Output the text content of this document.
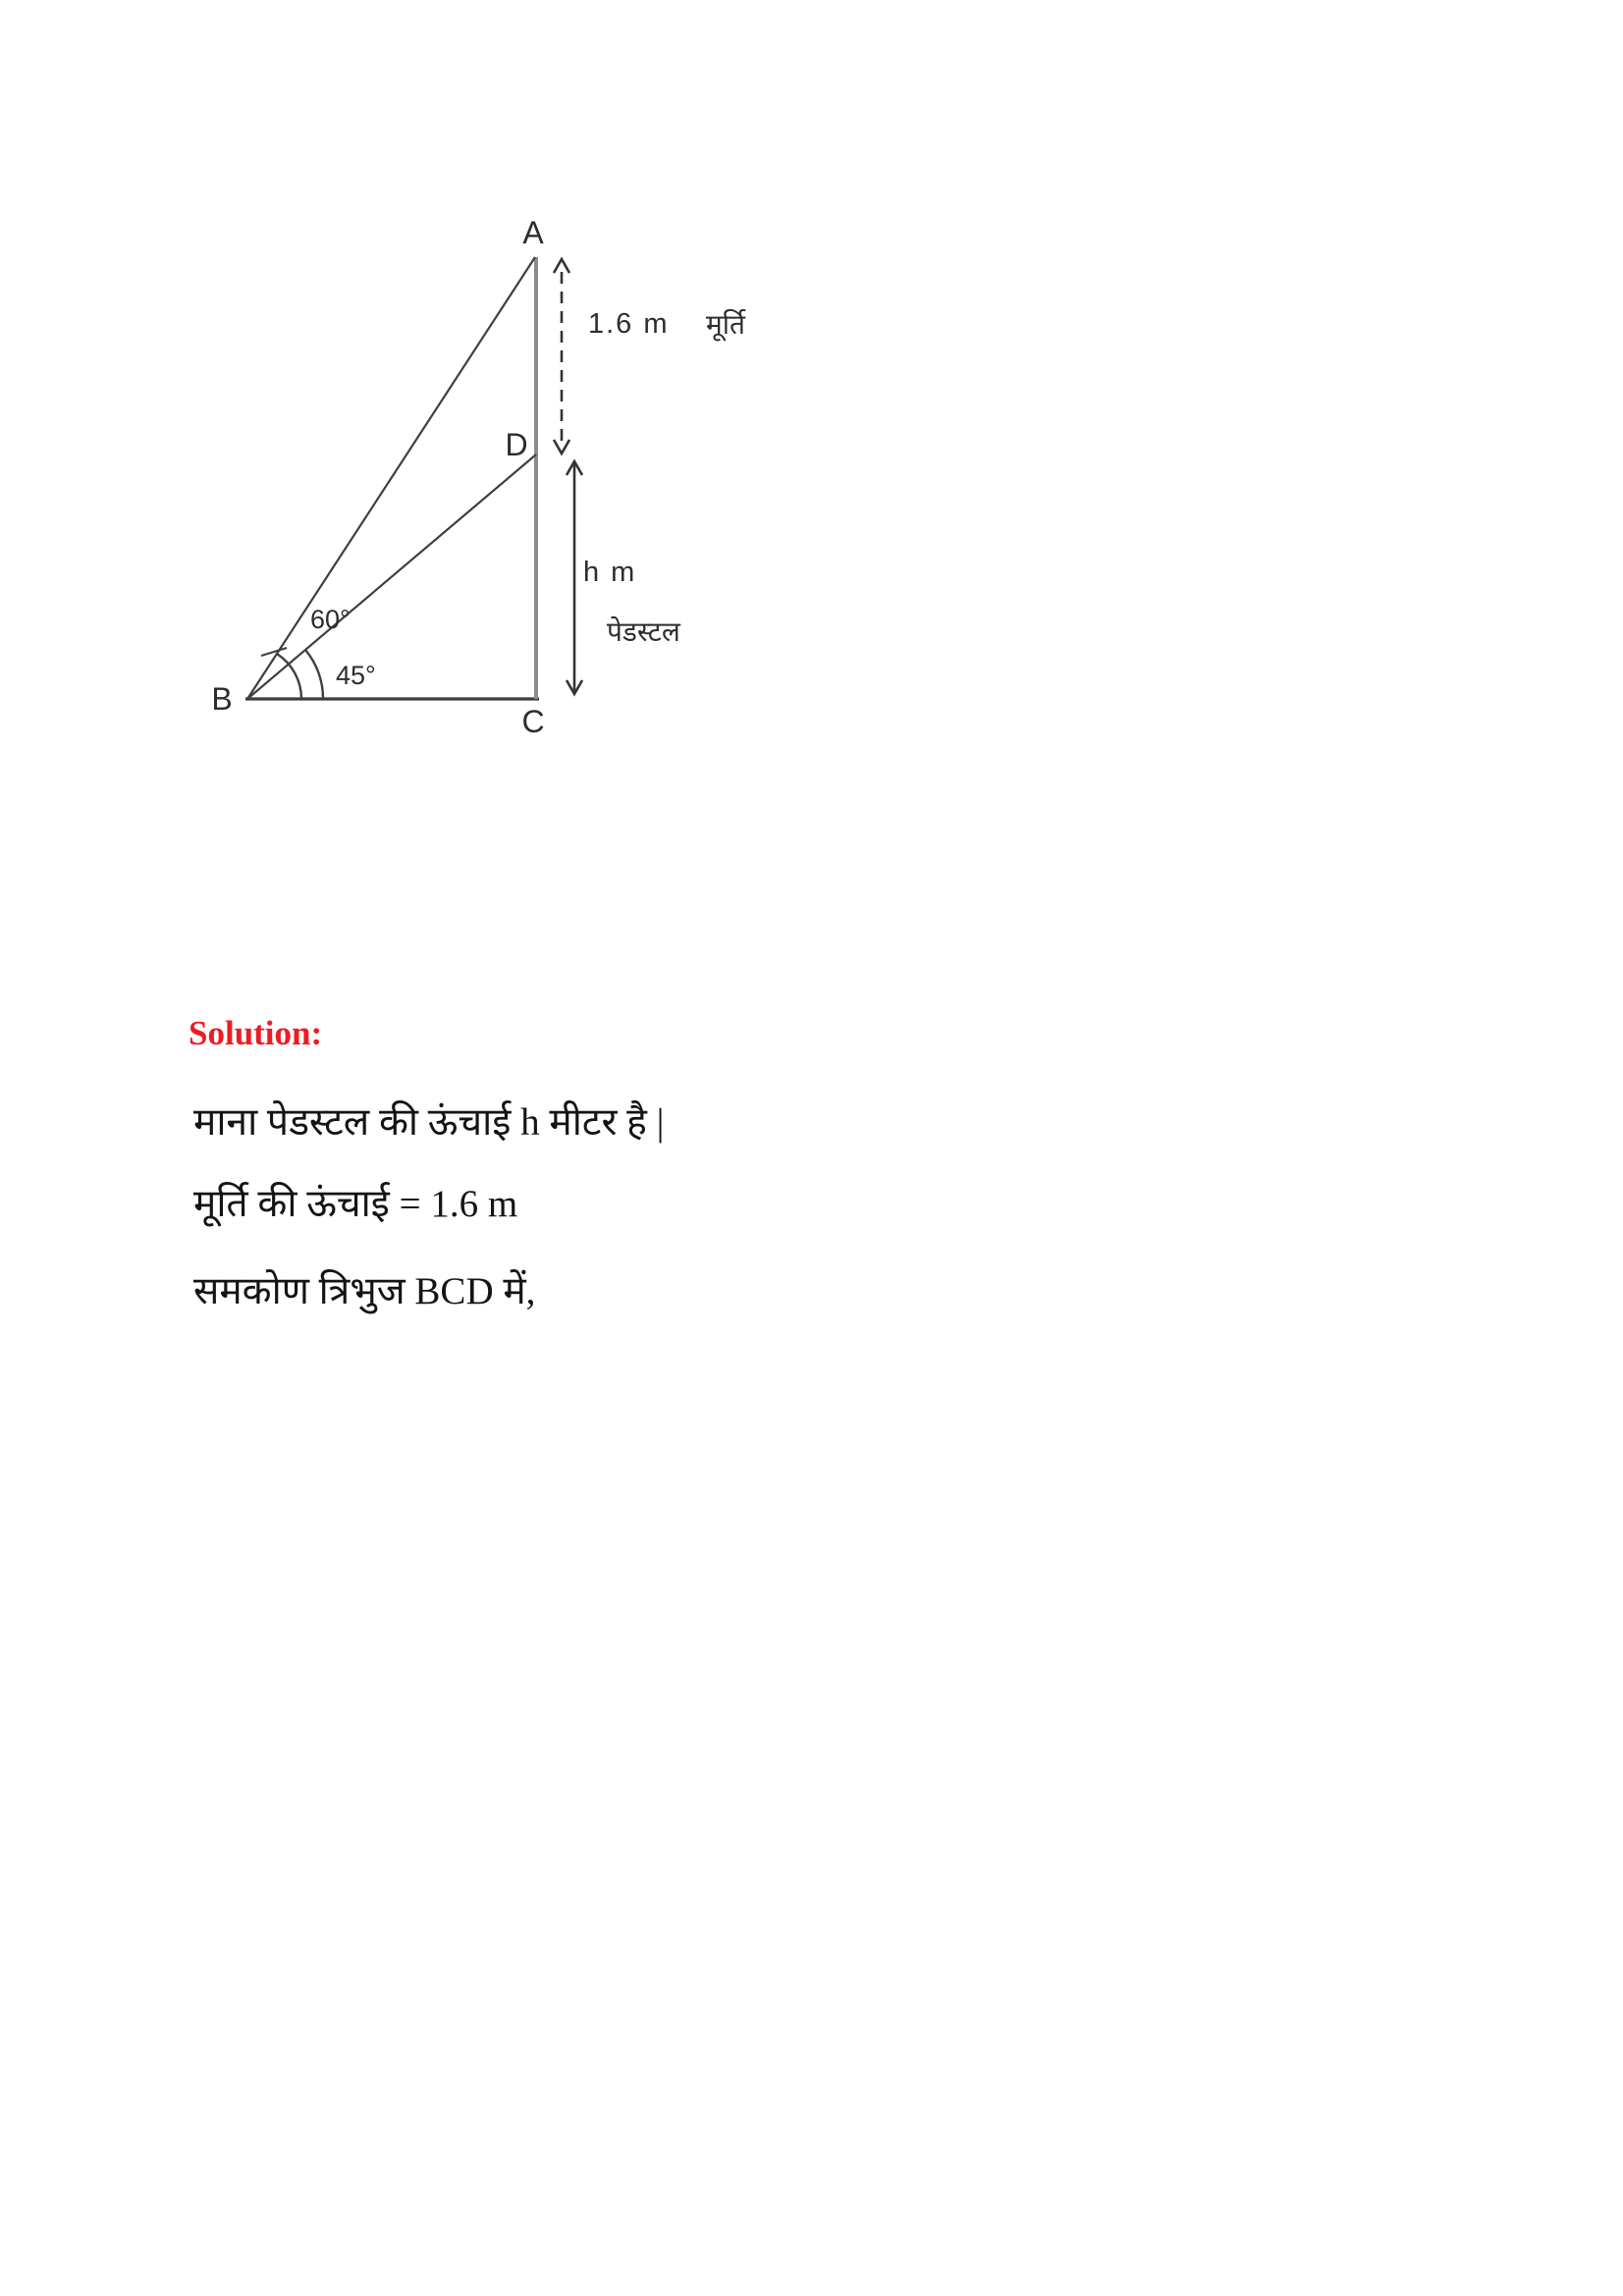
A
B
C
D
1.6 m मूर्ति
h m
पेडस्टल
60°
45°
Solution:
माना पेडस्टल की ऊंचाई h मीटर है |
मूर्ति की ऊंचाई = 1.6 m
समकोण त्रिभुज BCD में,
